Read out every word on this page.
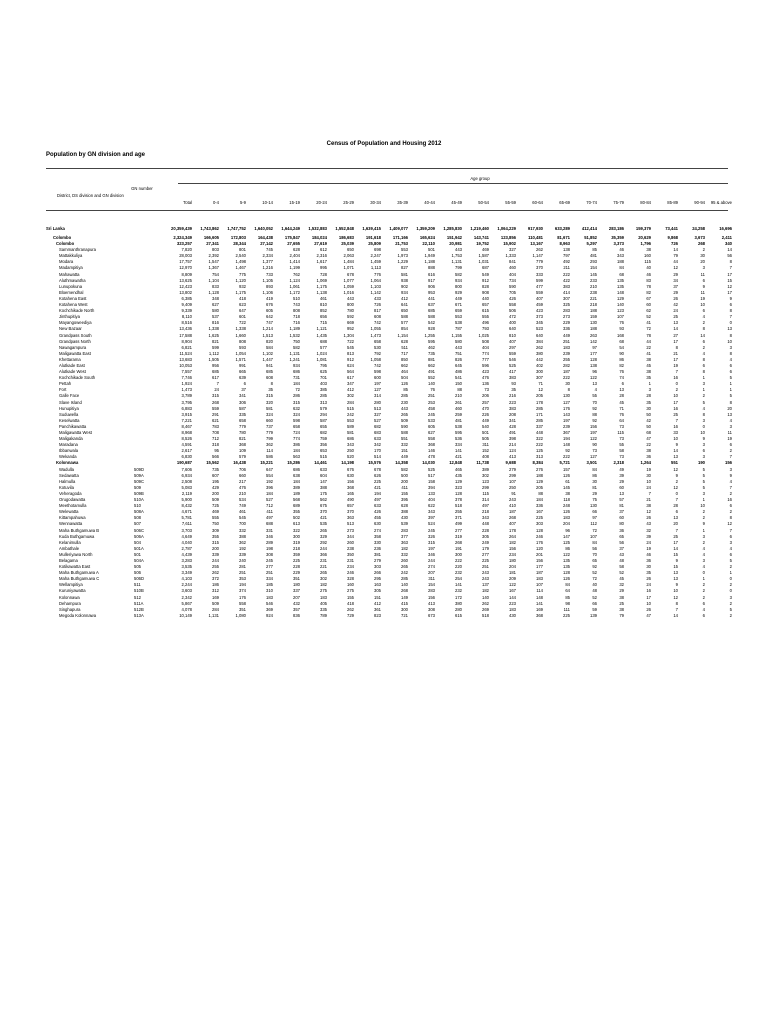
Census of Population and Housing 2012
Population by GN division and age
Age group
District, DS division and GN division
GN number
Total	0-4	5-9	10-14	15-19	20-24	25-29	30-34	35-39	40-44	45-49	50-54	55-59	60-64	65-69	70-74	75-79	80-84	85-89	90-94	95 & above
Sri Lanka		20,359,439	1,743,862	1,747,752	1,640,052	1,644,249	1,532,883	1,552,848	1,639,415	1,409,077	1,359,209	1,285,830	1,219,460	1,064,229	917,930	633,289	412,414	283,186	159,379	73,441	24,258	16,696
Colombo		2,324,349	166,605	172,803	164,438	175,847	184,024	186,683	191,618	171,166	165,624	151,942	143,741	123,856	110,481	81,671	51,852	35,359	20,629	9,868	3,673	2,411
Colombo		323,257	27,341	28,344	27,142	27,655	27,619	25,039	25,809	21,753	22,110	20,981	19,752	15,902	13,167	8,963	5,297	3,373	1,796	726	268	340
Sammanthranapura		7,820	803	801	745	628	612	650	698	553	501	443	469	327	262	138	85	46	38	14	2	14
Mattakkuliya		28,003	2,392	2,540	2,334	2,404	2,316	2,063	2,247	1,973	1,949	1,753	1,587	1,333	1,147	797	481	343	160	79	30	56
Modara		17,757	1,547	1,498	1,377	1,414	1,617	1,484	1,459	1,229	1,188	1,131	1,031	841	779	492	293	188	115	44	20	8
Madampitiya		12,970	1,367	1,467	1,216	1,199	995	1,071	1,113	827	888	799	687	460	370	211	154	84	40	12	3	7
Mahawatta		8,809	754	775	733	762	728	678	776	581	616	582	549	404	333	222	145	68	46	29	11	17
Aluthmawatha		13,625	1,104	1,120	1,105	1,124	1,069	1,077	1,064	938	917	934	912	734	599	422	233	135	83	34	6	15
Lunupokuna		12,423	833	932	893	1,061	1,175	1,059	1,103	902	906	800	828	590	477	383	210	135	78	37	9	12
Bloemendhal		13,802	1,128	1,175	1,106	1,172	1,138	1,016	1,142	934	953	929	908	705	559	414	238	148	82	29	11	17
Kotahena East		6,385	348	418	419	510	461	443	433	412	441	449	440	426	407	307	221	129	67	26	19	9
Kotahena West		9,409	627	623	676	743	810	800	726	641	637	671	657	558	459	325	218	140	60	42	10	6
Kochchikade North		9,339	580	647	605	808	852	780	817	650	685	659	615	506	423	283	188	123	62	24	6	8
Jinthupitiya		8,110	537	601	642	718	656	592	608	588	588	553	555	472	373	273	159	107	52	25	4	7
Mayangoweediya		8,516	816	722	747	716	715	669	742	577	542	538	496	400	345	229	130	76	41	13	2	0
New Bazaar		13,436	1,338	1,338	1,214	1,189	1,121	952	1,055	854	928	787	793	640	523	336	188	93	72	14	8	13
Grandpass South		17,588	1,625	1,660	1,513	1,532	1,435	1,304	1,473	1,154	1,255	1,155	1,025	810	640	449	263	168	78	27	14	8
Grandpass North		8,904	821	808	820	750	688	722	658	628	595	580	508	407	384	251	142	68	44	17	6	10
Nawagampura		6,821	599	593	584	582	577	545	530	511	462	443	404	297	262	183	97	54	22	8	2	3
Maligawatta East		11,524	1,112	1,054	1,102	1,131	1,024	813	792	717	735	751	774	559	380	239	177	90	41	21	4	8
Khettarama		13,683	1,505	1,571	1,447	1,241	1,081	912	1,058	850	881	826	777	546	442	255	128	86	38	17	8	4
Alutkade East		10,053	956	991	941	934	795	624	742	662	662	645	596	525	402	282	138	82	45	19	6	6
Alutkade West		7,557	685	665	685	686	625	564	598	464	491	486	423	417	300	187	96	76	38	7	8	6
Kochchikade South		7,746	617	639	608	731	701	617	600	504	552	541	476	383	307	222	122	74	35	16	1	5
Pettah		1,924	7	6	8	184	403	347	197	126	140	150	136	93	71	30	13	6	1	0	3	1
Fort		1,473	24	37	35	72	385	412	127	85	76	88	73	35	12	8	4	13	3	2	1	1
Galle Face		3,789	315	341	315	286	285	302	314	285	251	210	206	216	205	130	55	28	28	10	2	5
Slave Island		3,795	268	306	320	315	313	284	280	230	253	261	257	223	178	127	70	45	35	17	5	8
Hunupitiya		6,883	559	587	581	632	579	515	513	443	458	460	470	383	285	176	92	71	30	16	4	20
Suduwella		3,915	291	335	324	324	294	242	327	265	245	259	226	208	171	143	88	76	50	25	8	13
Keselwatta		7,221	621	658	660	598	587	553	527	509	533	481	449	341	285	197	92	64	42	7	3	4
Panchikawatta		8,467	783	779	737	658	655	589	682	590	605	538	540	428	337	239	156	73	50	16	0	3
Maligawatta West		8,968	708	780	779	724	682	581	683	588	627	595	501	491	448	367	197	115	68	33	10	11
Maligakanda		8,526	712	821	799	774	759	686	633	551	558	536	505	398	322	194	122	73	47	10	9	19
Maradana		4,591	318	368	362	386	356	343	342	332	368	334	311	214	222	148	90	55	22	9	3	6
Ibbanwala		2,617	95	109	114	184	653	250	170	151	146	141	152	124	125	92	73	58	38	14	6	2
Wekanda		6,830	566	579	586	563	515	520	514	449	478	421	408	413	313	222	127	73	36	13	3	7
Kolonnawa		190,687	15,562	16,438	15,221	15,286	14,461	14,198	15,576	14,358	14,030	12,848	11,738	9,688	8,384	5,721	3,501	2,318	1,264	551	190	156
Wadulla	509D	7,606	735	706	647	686	633	676	678	582	525	465	389	279	276	157	84	49	19	12	5	3
Sedawatta	509A	6,934	607	660	554	638	604	630	626	500	517	435	302	299	188	126	86	39	30	9	5	9
Halmulla	509C	2,508	195	217	192	184	147	156	225	200	158	129	123	107	129	61	30	29	10	2	5	4
Kotuvila	509	5,083	429	476	396	389	388	368	421	411	394	323	299	250	205	145	81	60	24	12	5	7
Veheragoda	509B	2,119	200	210	184	189	175	165	194	155	133	128	115	91	88	38	29	13	7	0	3	2
Orugodawatta	510A	5,900	509	534	527	568	562	490	497	395	404	378	314	243	184	118	75	57	21	7	1	16
Meethotamulla	510	8,432	725	749	712	689	675	657	633	628	622	518	497	410	336	248	130	81	38	28	10	6
Welewatta	508A	4,671	469	461	411	355	370	370	426	388	343	255	218	187	167	126	66	37	12	6	2	2
Kittampahuwa	508	5,781	555	545	497	502	421	363	455	430	397	371	343	268	225	183	97	60	26	13	2	8
Wennawatta	507	7,611	750	700	688	613	535	513	630	539	524	499	448	407	303	204	112	80	43	20	9	12
Maha Buthgamuwa B	506C	3,703	309	332	331	322	265	273	274	283	245	277	228	178	128	96	72	36	32	7	1	7
Kuda Buthgamuwa	506A	4,649	355	388	346	300	329	344	358	377	326	319	305	264	246	147	107	65	39	25	3	6
Kelanimulla	504	4,040	315	362	289	319	292	260	330	363	315	268	249	182	176	125	84	56	24	17	2	3
Ambathale	501A	2,787	200	192	198	218	244	238	236	182	197	191	179	156	120	86	56	37	19	14	4	4
Mulleriyawa North	501	4,439	339	339	308	359	366	350	381	332	346	300	277	234	201	122	70	43	46	15	4	6
Belagama	504A	3,283	244	240	245	225	231	231	279	260	244	222	225	180	156	135	65	48	36	9	3	5
Kotikawatta East	505	3,535	255	281	277	228	221	234	303	265	274	220	251	204	177	135	92	58	30	15	4	2
Maha Buthgamuwa A	506	3,349	262	251	251	229	265	246	266	242	207	232	243	181	187	128	52	52	35	13	0	1
Maha Buthgamuwa C	506D	4,103	372	353	334	351	302	328	295	285	311	254	243	209	183	126	72	45	26	13	1	0
Wellampitiya	511	2,244	186	194	185	180	182	160	163	140	154	141	137	122	107	84	40	32	24	9	2	2
Kuruniyawatta	510B	3,603	312	374	310	337	275	275	305	268	283	232	182	167	114	64	48	29	16	10	2	0
Kolonnawa	512	2,342	169	176	183	207	183	155	151	149	156	172	140	144	148	85	52	38	17	12	2	3
Dehampura	511A	5,867	509	558	546	432	405	418	412	415	413	380	262	223	141	98	66	25	10	8	6	2
Singhapura	512B	4,078	284	351	369	357	335	262	361	300	308	280	269	183	169	111	59	38	26	7	4	5
Megoda Kolonnawa	513A	10,149	1,131	1,080	924	836	789	729	823	721	673	615	518	430	368	225	139	79	47	14	6	2
